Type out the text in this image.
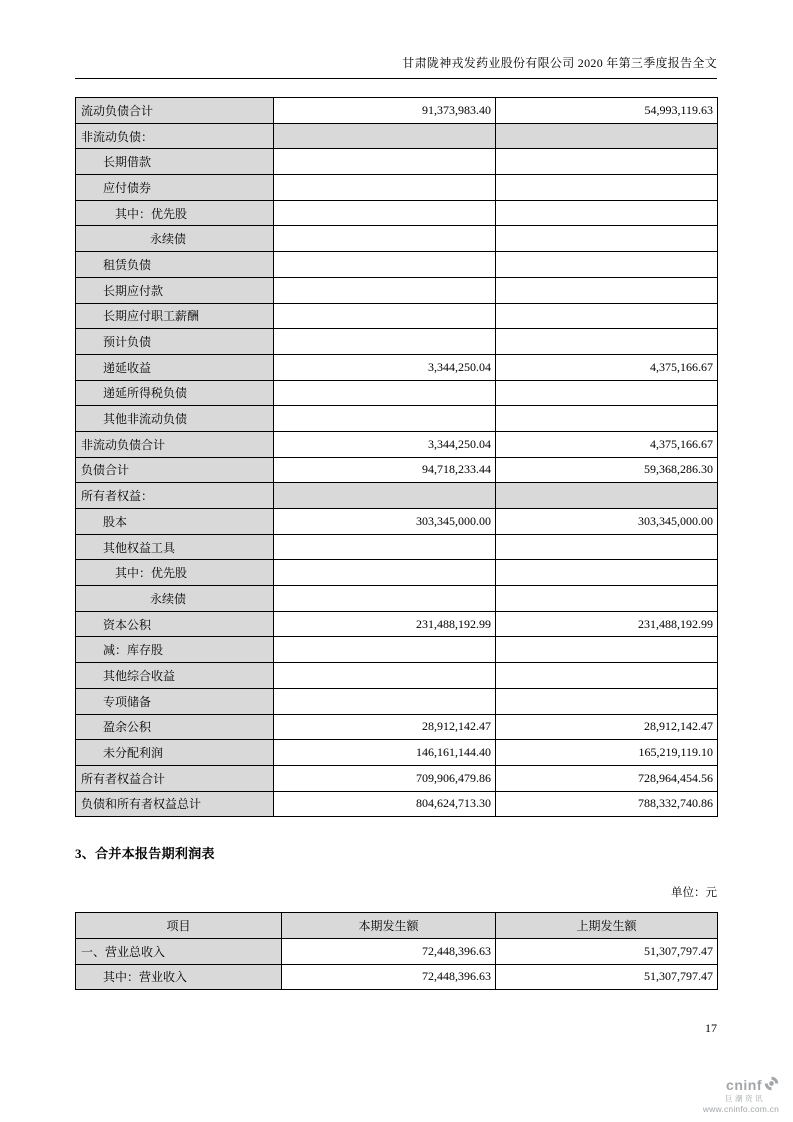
甘肃陇神戎发药业股份有限公司 2020 年第三季度报告全文
流动负债合计	91,373,983.40	54,993,119.63
非流动负债：		
长期借款		
应付债券		
其中：优先股		
永续债		
租赁负债		
长期应付款		
长期应付职工薪酬		
预计负债		
递延收益	3,344,250.04	4,375,166.67
递延所得税负债		
其他非流动负债		
非流动负债合计	3,344,250.04	4,375,166.67
负债合计	94,718,233.44	59,368,286.30
所有者权益：		
股本	303,345,000.00	303,345,000.00
其他权益工具		
其中：优先股		
永续债		
资本公积	231,488,192.99	231,488,192.99
减：库存股		
其他综合收益		
专项储备		
盈余公积	28,912,142.47	28,912,142.47
未分配利润	146,161,144.40	165,219,119.10
所有者权益合计	709,906,479.86	728,964,454.56
负债和所有者权益总计	804,624,713.30	788,332,740.86
3、合并本报告期利润表
单位：元
项目	本期发生额	上期发生额
一、营业总收入	72,448,396.63	51,307,797.47
其中：营业收入	72,448,396.63	51,307,797.47
17
cninf
巨潮资讯
www.cninfo.com.cn
